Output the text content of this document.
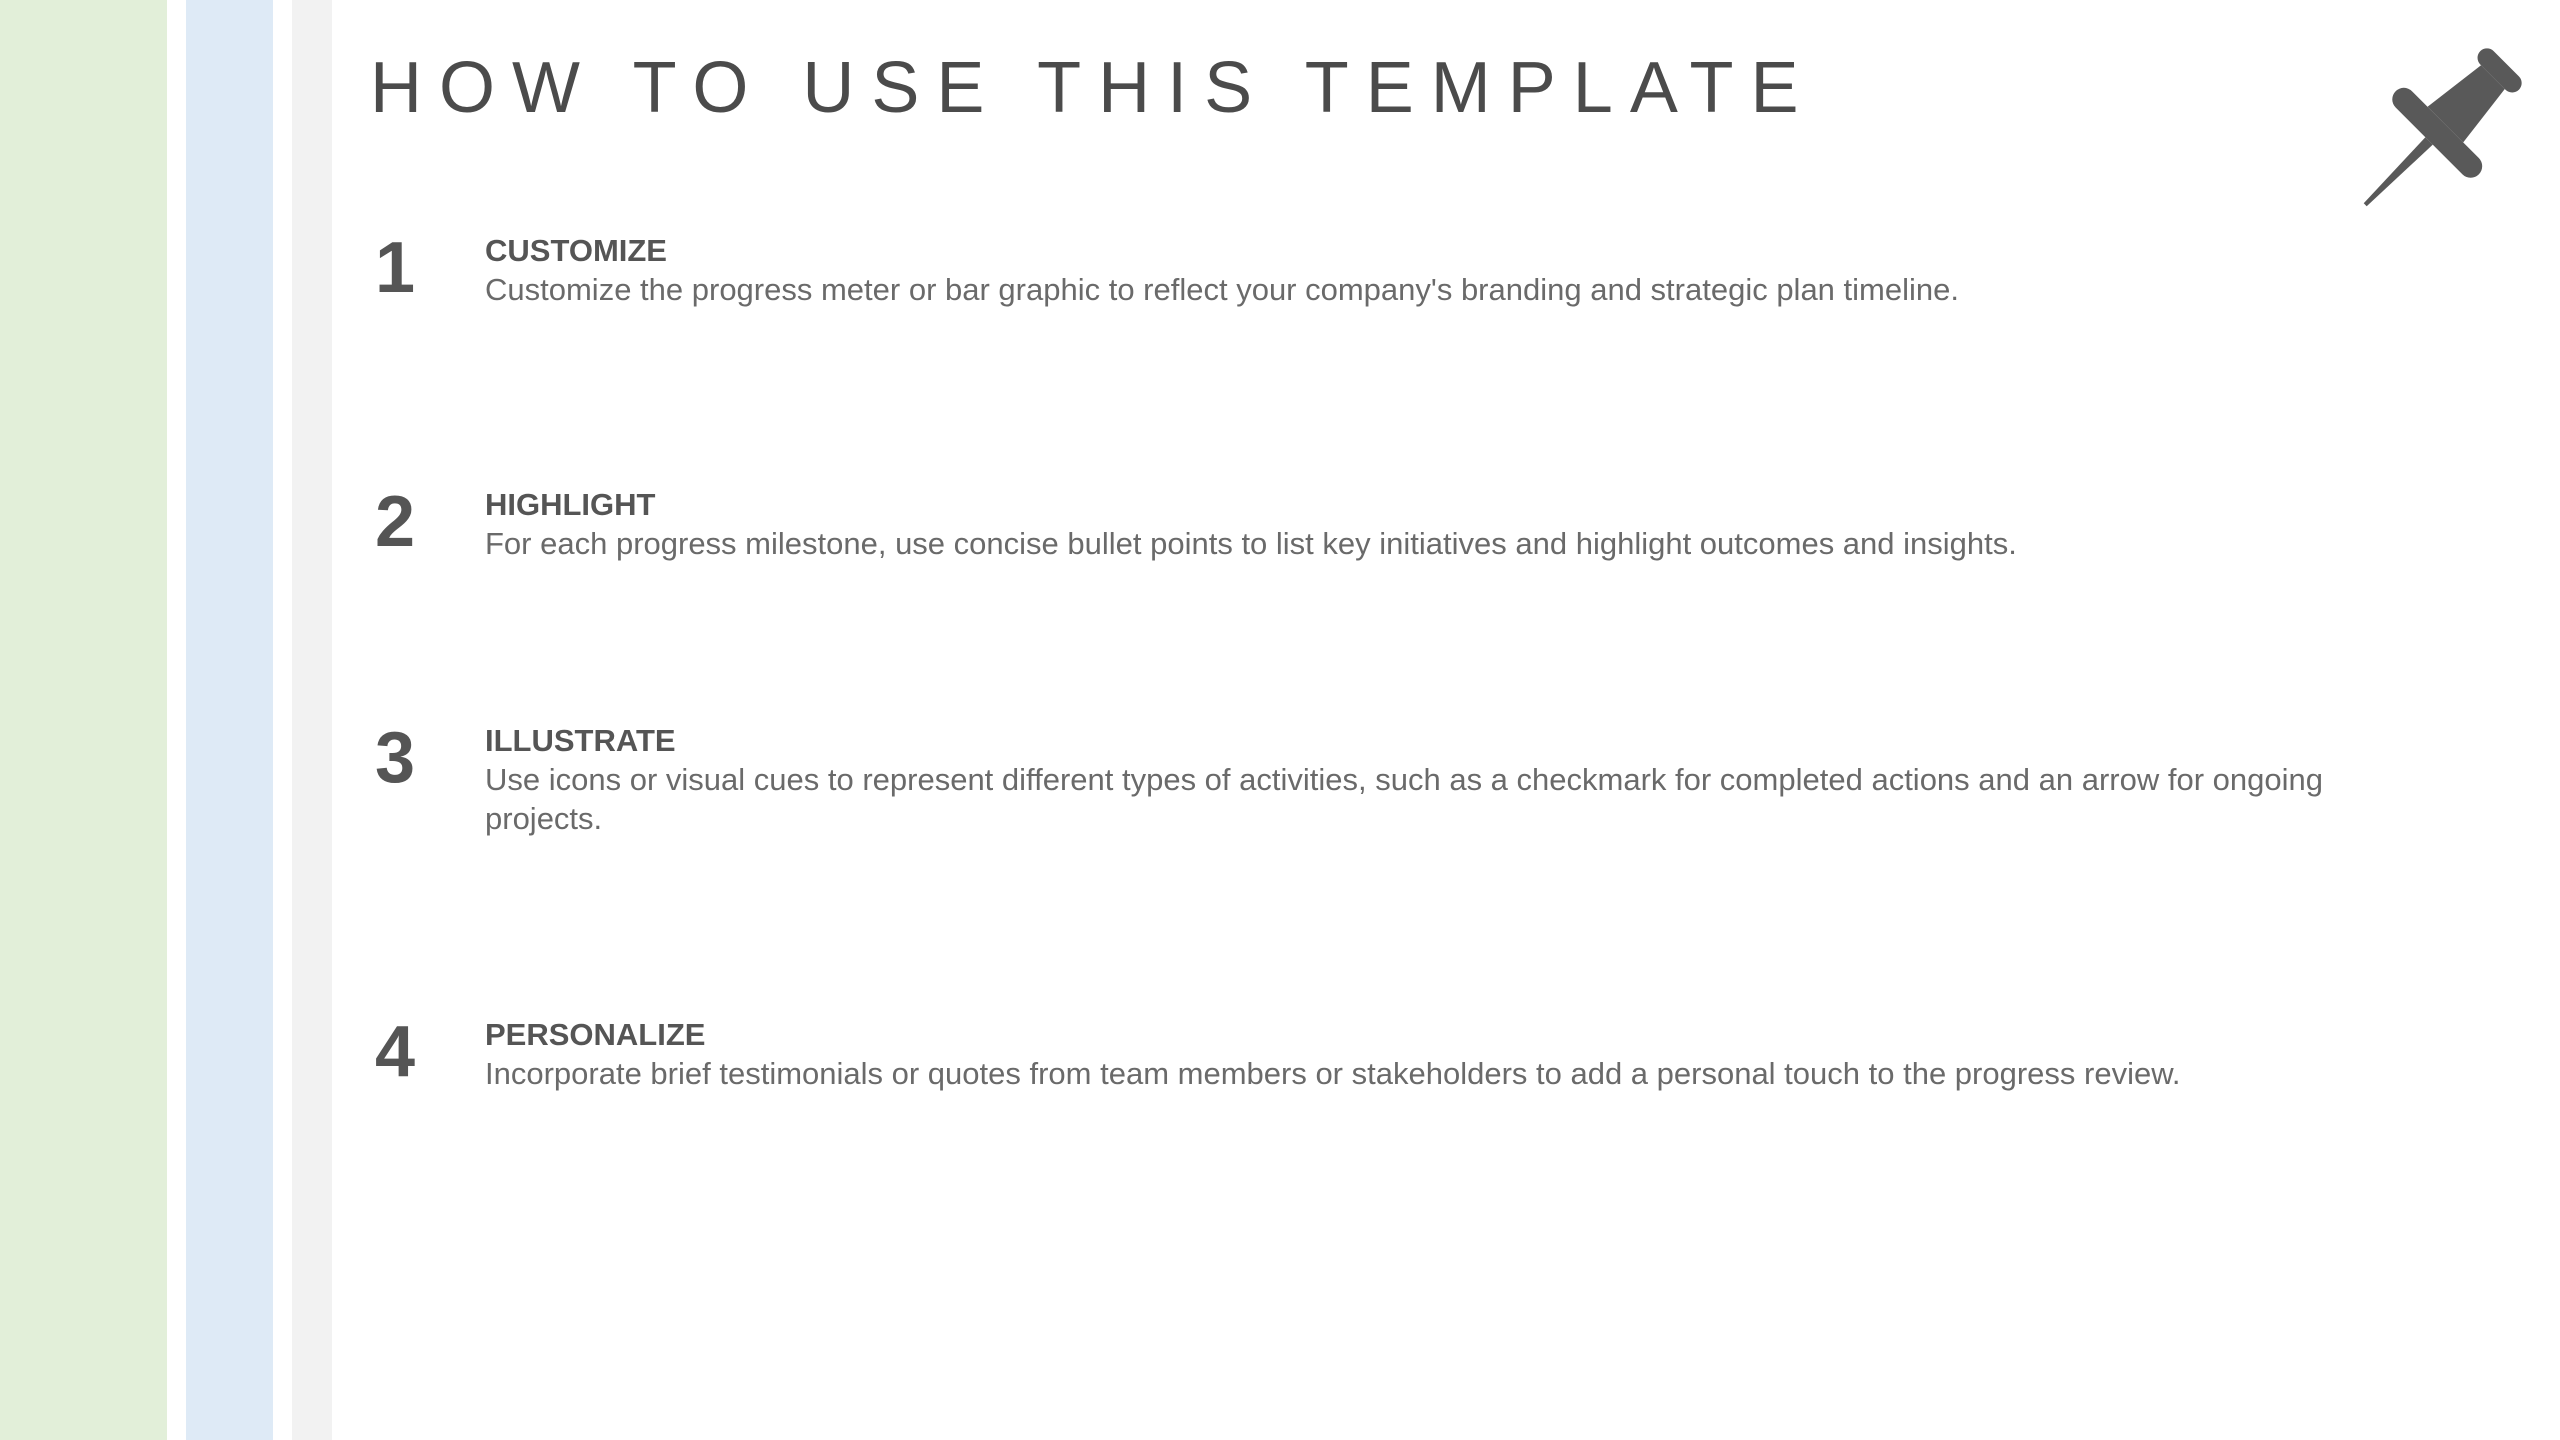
HOW TO USE THIS TEMPLATE
1	CUSTOMIZE
Customize the progress meter or bar graphic to reflect your company's branding and strategic plan timeline.
2	HIGHLIGHT
For each progress milestone, use concise bullet points to list key initiatives and highlight outcomes and insights.
3	ILLUSTRATE
Use icons or visual cues to represent different types of activities, such as a checkmark for completed actions and an arrow for ongoing projects.
4	PERSONALIZE
Incorporate brief testimonials or quotes from team members or stakeholders to add a personal touch to the progress review.
